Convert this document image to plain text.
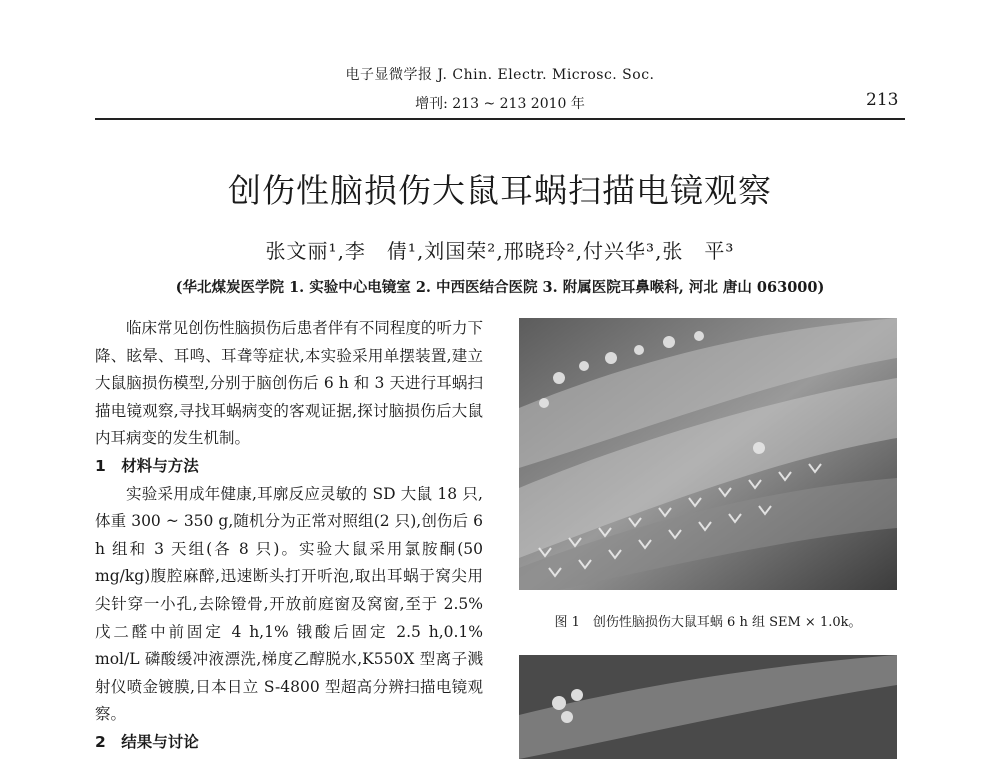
电子显微学报 J. Chin. Electr. Microsc. Soc.
增刊: 213 ~ 213 2010 年	213
创伤性脑损伤大鼠耳蜗扫描电镜观察
张文丽¹,李　倩¹,刘国荣²,邢晓玲²,付兴华³,张　平³
(华北煤炭医学院 1. 实验中心电镜室 2. 中西医结合医院 3. 附属医院耳鼻喉科, 河北 唐山 063000)

临床常见创伤性脑损伤后患者伴有不同程度的听力下降、眩晕、耳鸣、耳聋等症状,本实验采用单摆装置,建立大鼠脑损伤模型,分别于脑创伤后 6 h 和 3 天进行耳蜗扫描电镜观察,寻找耳蜗病变的客观证据,探讨脑损伤后大鼠内耳病变的发生机制。

1　材料与方法

实验采用成年健康,耳廓反应灵敏的 SD 大鼠 18 只,体重 300 ~ 350 g,随机分为正常对照组(2 只),创伤后 6 h 组和 3 天组(各 8 只)。实验大鼠采用氯胺酮(50 mg/kg)腹腔麻醉,迅速断头打开听泡,取出耳蜗于窝尖用尖针穿一小孔,去除镫骨,开放前庭窗及窝窗,至于 2.5% 戊二醛中前固定 4 h,1% 锇酸后固定 2.5 h,0.1% mol/L 磷酸缓冲液漂洗,梯度乙醇脱水,K550X 型离子溅射仪喷金镀膜,日本日立 S-4800 型超高分辨扫描电镜观察。

2　结果与讨论
图 1　创伤性脑损伤大鼠耳蜗 6 h 组 SEM × 1.0k。
